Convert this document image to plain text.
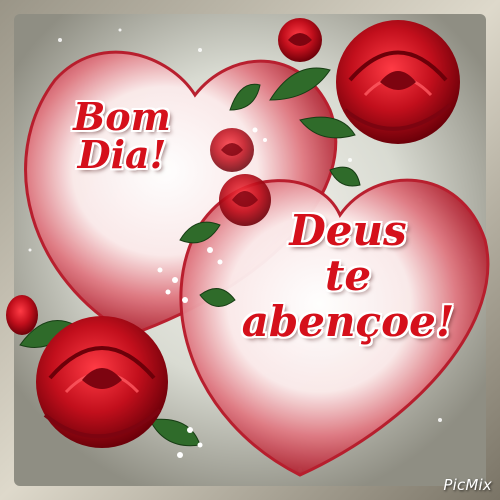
Bom
Dia!

Deus
te
abençoe!

PicMix
